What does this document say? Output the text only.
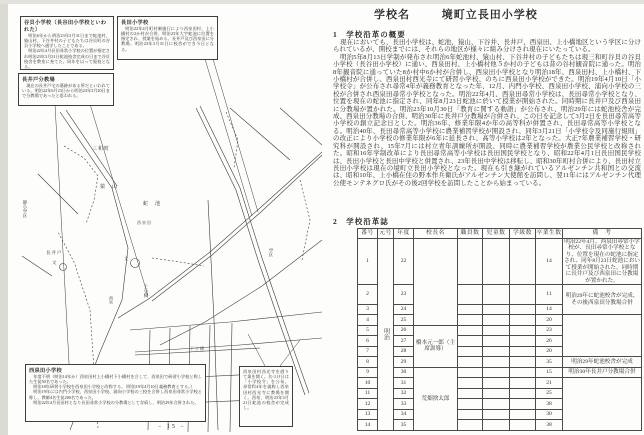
三和町
猿　山
蛇　池
西泉田
長井戸
上小橋
西泉
静小学区
学区
下小橋
文
文
谷貝小学校（長谷田小学校といわれた）

明治6年から明治23年3月31日まで蛇池村、猿山村、下谷井村の子どもたちは谷貝町の谷貝小学校へ通学したことである。

明治22年4月長田尋常小学校の位置が指定され明治23年3月31日蛇池校舎完成の日まで谷貝校舎を教室に充てた。同年を以って廃校となる。

長田小学校

明治22年4月町村制施行により西泉田村、上小橋村の2か村が合併、明治23年大字蛇池に位置を指定され、授業を始める。長井戸及び西泉田に分教場。明治23年3月31日に校舎ができ今日となる。

長井戸分教場

現在の長井戸宅の墓跡がある所だといわれている。明治22年6月23日から明治23年3月20日まで分教場であったと思われる。

西泉田小学校

年度不明（明治14年か）西泉田村上小橋村下小橋村を合して、西泉田で研習小学校と称した生徒50名であった。

明治18年研習小学校を西泉田小学校と改称する。（明治19年4月10日義務教育とする。）

明治19年には内門小学校、西泉田小学校、浦向小学校の三校を合併し西泉田尋常小学校と称し、教師4名生徒200名であった。

明治22年4月長田村となり長田尋常小学校の分教場として存続し、明治29年合併された。

西泉田村西光寺を借りて業を開く。名づけ日は「小学校令」を公布。尋常科4年を義称し西泉田村西光寺に教場を開く。西泉、明治23年3月21日蛇池の校舎が完成し。

− 15 −
学校名	境町立長田小学校
1　 学校沿革の概要

現在においても、長田小学校は、蛇池、猿山、下谷井、長井戸、西泉田、上小橋地区という学区に分けられているが、開校までには、それらの地区が様々に組み分けされ現在にいたっている。

明治5年8月13日学制が発布され明治6年蛇池村、猿山村、下谷井村の子どもたちは現三和町谷貝の谷貝小学校（長谷田小学校）に通い、西泉田村、上小橋村他５か村の子どもは昔の谷村観音院に通った。明治8年観音院に通っていた8か村中6か村が合併し、西泉田小学校となり明治18年、西泉田村、上小橋村、下小橋村が合併し、西泉田村西光寺にて研習小学校、のちに西泉田小学校ができた。明治19年4月10日「小学校令」が公布され尋常4年が義務教育となった年、12月、内門小学校、西泉田小学校、浦向小学校の三校が合併され西泉田尋常小学校となった。明治22年4月、西泉田尋常小学校は、長田尋常小学校となり、位置を現在の蛇池に指定され、同年8月23日蛇池に於いて授業が開始された。同時期に長井戸及び西泉田に分教場が置かれた。明治23年10月30日「教育に関する勅語」が公布され、明治29年には蛇池校舎が完成、西泉田分教場の合併、明治30年に長井戸分教場が合併され、この日を記念して3月2日を長田尋常高等小学校の創立記念日とした。明治36年、修業年限4か年の高等科が併置され、長田尋常高等小学校となる。明治40年、長田尋常高等小学校に農業補習学校が開設され、同年3月21日「小学校令及同施行規則」の改正により小学校の修業年限が6年に延長され、高等小学校は2年となった。大正7年農業補習学校・研究科が開設され、15年7月には村立青年訓練所が開設、同時に農業補習学校が農業公民学校と改称された。昭和16年学制改革により長田尋常高等小学校は長田国民学校となり、昭和22年4月1日長田国民学校は、長田小学校と長田中学校と併置され、23年長田中学校は移転し、昭和30年町村合併により、長田村立長田小学校は現在の境町立長田小学校となった。現在も引き継がれているアルゼンチン共和国との交流は、昭和10年、上小橋在住の野本作兵衛氏がアルゼンチン大使館を訪問し、翌11年にはアルゼンチン代理公使モンテネグロ氏がその後2回学校を訪問したことから始まっている。

2　 学校沿革誌
番号	元号	年度	校長名	職員数	児童数	学級数	卒業生数	備　考
1	明治	22					14	明治22年4月、西泉田尋常小学校が、長田尋常小学校となり、位置を現在の蛇池に指定され、同年8月23日蛇池において授業が開始された。同時期に長井戸及び西泉田に分教場が置かれた。
2		23					11	明治29年に蛇池校舎が完成、その後西泉田分教場合併
3		24					14	
4		25					20	
5		26	橋本元一郎（主席訓導）				23	
6		27					26	
7		28					20	
8		29					35	明治29年蛇池校舎が完成
9		30	荒畑捨太郎				15	明治30年長井戸分教場合併
10		31					21	
11		32					25	
12		33					38	
13		34					30	
14		35					38	
